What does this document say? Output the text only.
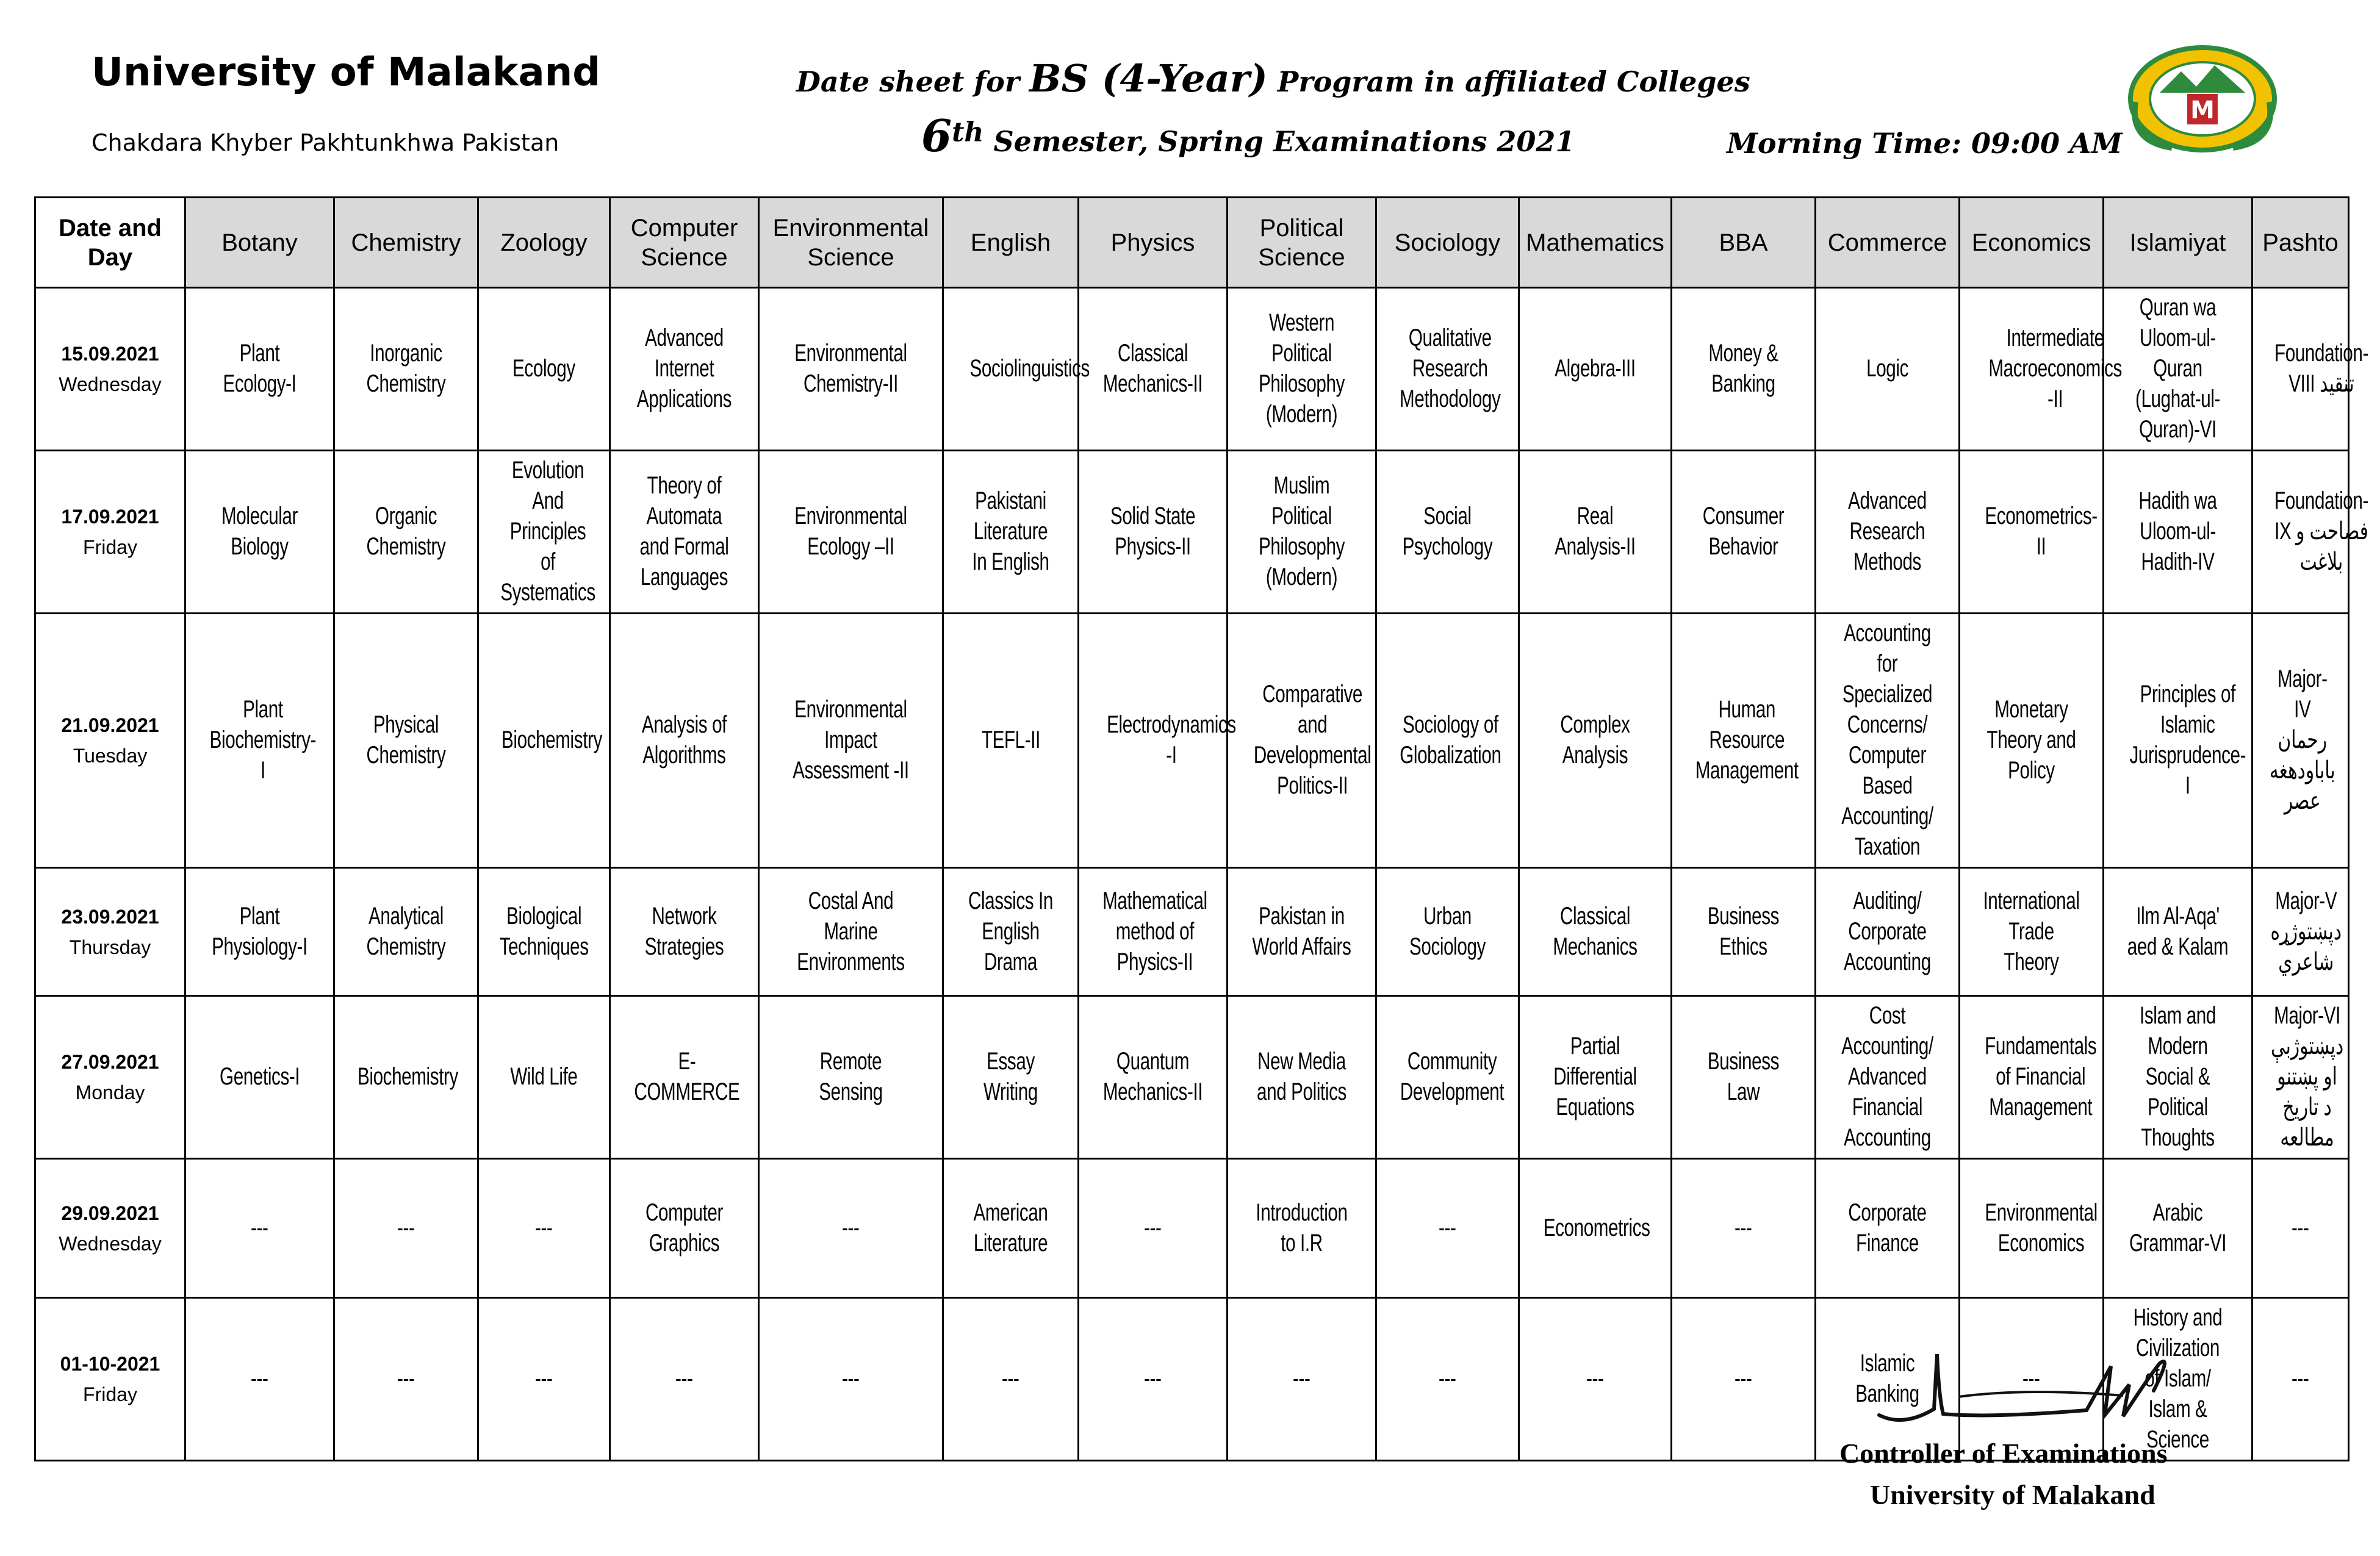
University of Malakand
Chakdara Khyber Pakhtunkhwa Pakistan
Date sheet for BS (4-Year) Program in affiliated Colleges
6th Semester, Spring Examinations 2021	Morning Time: 09:00 AM
M
Date and Day	Botany	Chemistry	Zoology	Computer Science	Environmental Science	English	Physics	Political Science	Sociology	Mathematics	BBA	Commerce	Economics	Islamiyat	Pashto

15.09.2021
Wednesday	Plant Ecology-I	Inorganic Chemistry	Ecology	Advanced Internet Applications	Environmental Chemistry-II	Sociolinguistics	Classical Mechanics-II	Western Political Philosophy (Modern)	Qualitative Research Methodology	Algebra-III	Money & Banking	Logic	Intermediate Macroeconomics -II	Quran wa Uloom-ul-Quran (Lughat-ul-Quran)-VI	Foundation-VIII تنقید

17.09.2021
Friday	Molecular Biology	Organic Chemistry	Evolution And Principles of Systematics	Theory of Automata and Formal Languages	Environmental Ecology –II	Pakistani Literature In English	Solid State Physics-II	Muslim Political Philosophy (Modern)	Social Psychology	Real Analysis-II	Consumer Behavior	Advanced Research Methods	Econometrics-II	Hadith wa Uloom-ul-Hadith-IV	Foundation-IX فصاحت و بلاغت

21.09.2021
Tuesday	Plant Biochemistry-I	Physical Chemistry	Biochemistry	Analysis of Algorithms	Environmental Impact Assessment -II	TEFL-II	Electrodynamics -I	Comparative and Developmental Politics-II	Sociology of Globalization	Complex Analysis	Human Resource Management	Accounting for Specialized Concerns/ Computer Based Accounting/ Taxation	Monetary Theory and Policy	Principles of Islamic Jurisprudence-I	Major-IV رحمان باباودهغه عصر

23.09.2021
Thursday	Plant Physiology-I	Analytical Chemistry	Biological Techniques	Network Strategies	Costal And Marine Environments	Classics In English Drama	Mathematical method of Physics-II	Pakistan in World Affairs	Urban Sociology	Classical Mechanics	Business Ethics	Auditing/ Corporate Accounting	International Trade Theory	Ilm Al-Aqa' aed & Kalam	Major-V دپښتوژړه شاعري

27.09.2021
Monday	Genetics-I	Biochemistry	Wild Life	E-COMMERCE	Remote Sensing	Essay Writing	Quantum Mechanics-II	New Media and Politics	Community Development	Partial Differential Equations	Business Law	Cost Accounting/ Advanced Financial Accounting	Fundamentals of Financial Management	Islam and Modern Social & Political Thoughts	Major-VI دپښتوژبې او پښتنو د تاریخ مطالعه

29.09.2021
Wednesday	---	---	---	Computer Graphics	---	American Literature	---	Introduction to I.R	---	Econometrics	---	Corporate Finance	Environmental Economics	Arabic Grammar-VI	---

01-10-2021
Friday	---	---	---	---	---	---	---	---	---	---	---	Islamic Banking	---	History and Civilization of Islam/ Islam & Science	---
Controller of Examinations
University of Malakand
